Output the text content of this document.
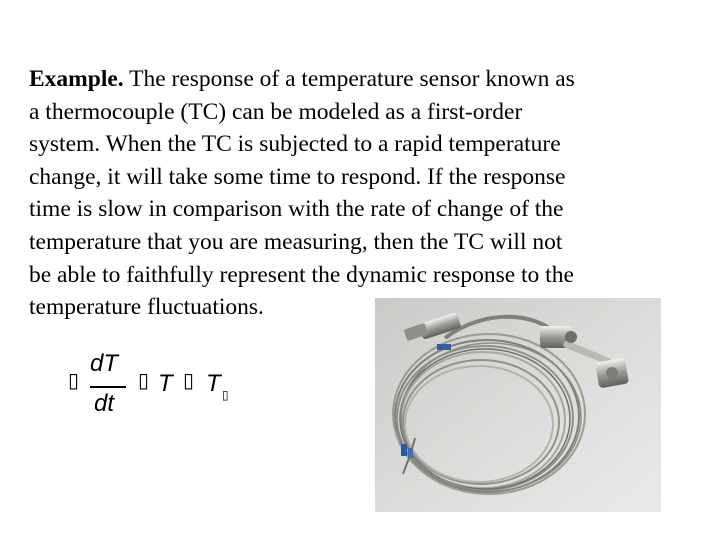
Example. The response of a temperature sensor known as
a thermocouple (TC) can be modeled as a first-order
system. When the TC is subjected to a rapid temperature
change, it will take some time to respond. If the response
time is slow in comparison with the rate of change of the
temperature that you are measuring, then the TC will not
be able to faithfully represent the dynamic response to the
temperature fluctuations.

▯
dT
dt
▯ T ▯ T ▯
